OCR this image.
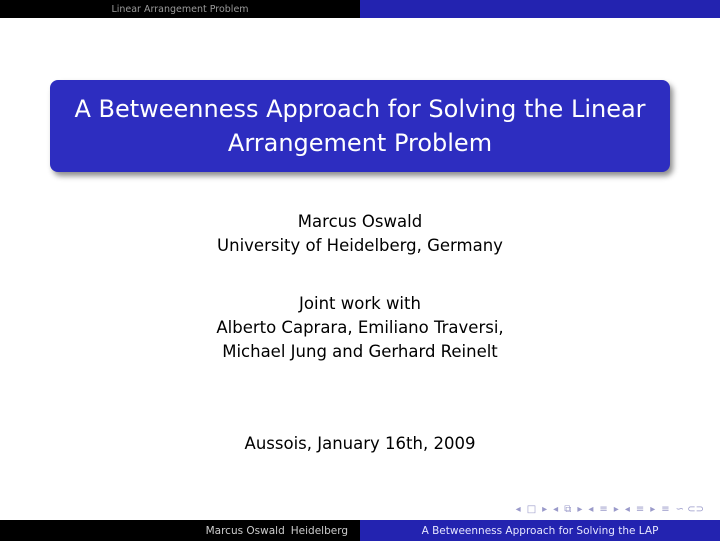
Linear Arrangement Problem
A Betweenness Approach for Solving the Linear Arrangement Problem
Marcus Oswald
University of Heidelberg, Germany
Joint work with
Alberto Caprara, Emiliano Traversi,
Michael Jung and Gerhard Reinelt
Aussois, January 16th, 2009
◂ □ ▸ ◂ ⧉ ▸ ◂ ≡ ▸ ◂ ≡ ▸ ≡ ∽ ⊂⊃
Marcus Oswald Heidelberg	A Betweenness Approach for Solving the LAP
